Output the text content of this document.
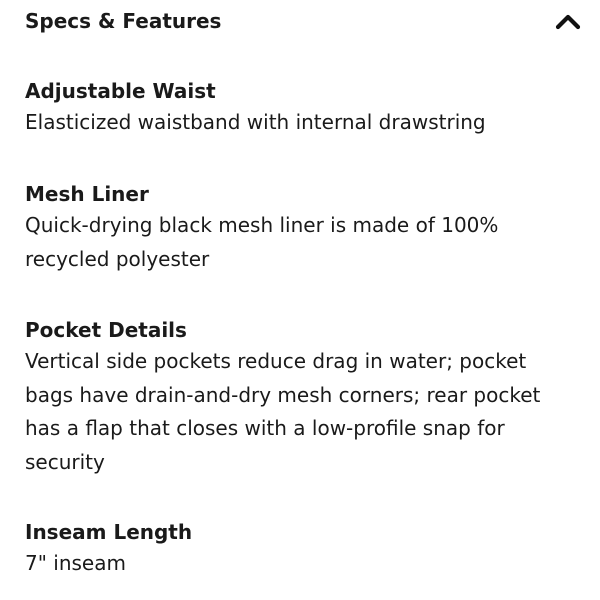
Specs & Features

Adjustable Waist

Elasticized waistband with internal drawstring

Mesh Liner

Quick-drying black mesh liner is made of 100% recycled polyester

Pocket Details

Vertical side pockets reduce drag in water; pocket bags have drain-and-dry mesh corners; rear pocket has a flap that closes with a low-profile snap for security

Inseam Length

7" inseam
